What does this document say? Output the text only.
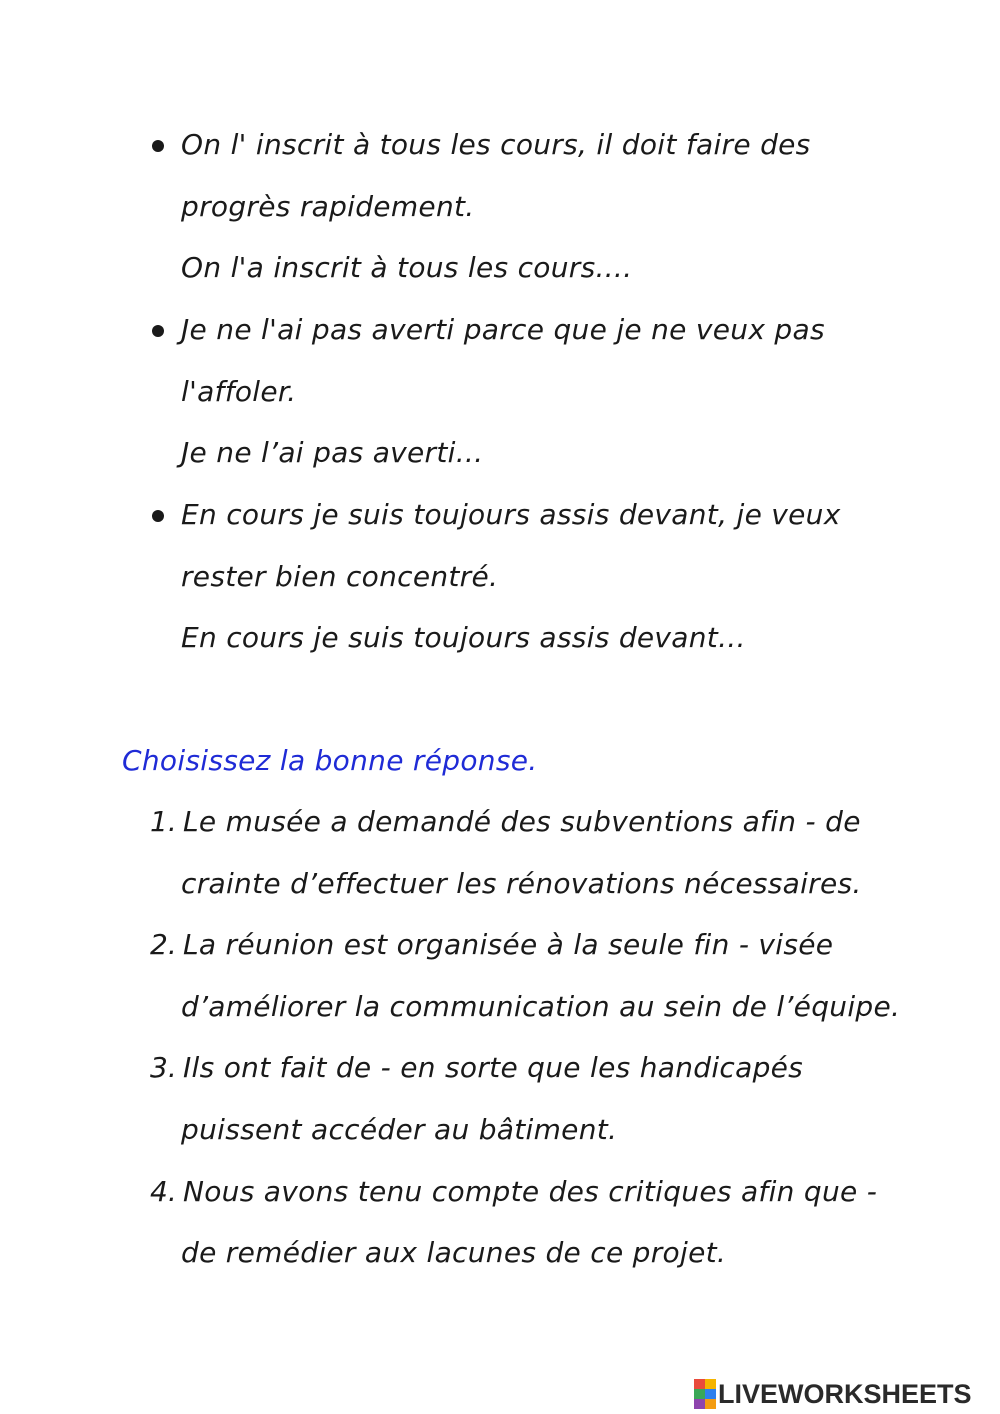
On l' inscrit à tous les cours, il doit faire des
progrès rapidement.
On l'a inscrit à tous les cours....
Je ne l'ai pas averti parce que je ne veux pas
l'affoler.
Je ne l’ai pas averti...
En cours je suis toujours assis devant, je veux
rester bien concentré.
En cours je suis toujours assis devant...
Choisissez la bonne réponse.
1. Le musée a demandé des subventions afin - de
crainte d’effectuer les rénovations nécessaires.
2. La réunion est organisée à la seule fin - visée
d’améliorer la communication au sein de l’équipe.
3. Ils ont fait de - en sorte que les handicapés
puissent accéder au bâtiment.
4. Nous avons tenu compte des critiques afin que -
de remédier aux lacunes de ce projet.
LIVEWORKSHEETS
